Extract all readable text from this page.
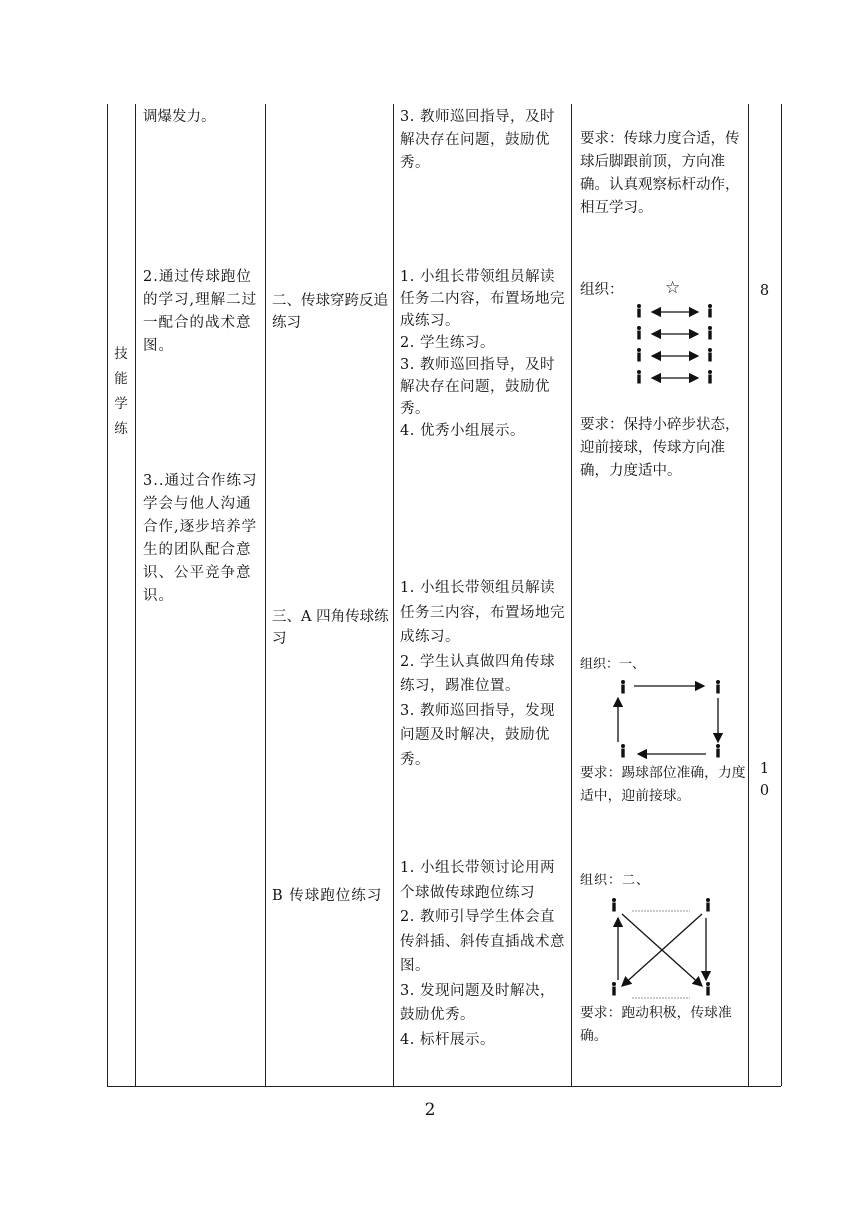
技能学练
调爆发力。
2.通过传球跑位的学习,理解二过一配合的战术意图。
3..通过合作练习学会与他人沟通合作,逐步培养学生的团队配合意识、公平竞争意识。
二、传球穿跨反追练习
三、A 四角传球练习
B 传球跑位练习
3. 教师巡回指导，及时解决存在问题，鼓励优秀。
1. 小组长带领组员解读任务二内容，布置场地完成练习。
2. 学生练习。
3. 教师巡回指导，及时解决存在问题，鼓励优秀。
4. 优秀小组展示。
1. 小组长带领组员解读任务三内容，布置场地完成练习。
2. 学生认真做四角传球练习，踢准位置。
3. 教师巡回指导，发现问题及时解决，鼓励优秀。
1. 小组长带领讨论用两个球做传球跑位练习
2. 教师引导学生体会直传斜插、斜传直插战术意图。
3. 发现问题及时解决，鼓励优秀。
4. 标杆展示。
要求：传球力度合适，传球后脚跟前顶，方向准确。认真观察标杆动作，相互学习。
组织： ☆
要求：保持小碎步状态，迎前接球，传球方向准确，力度适中。
组织：一、
要求：踢球部位准确，力度适中，迎前接球。
组织：二、
要求：跑动积极，传球准确。
8
1
0
2
